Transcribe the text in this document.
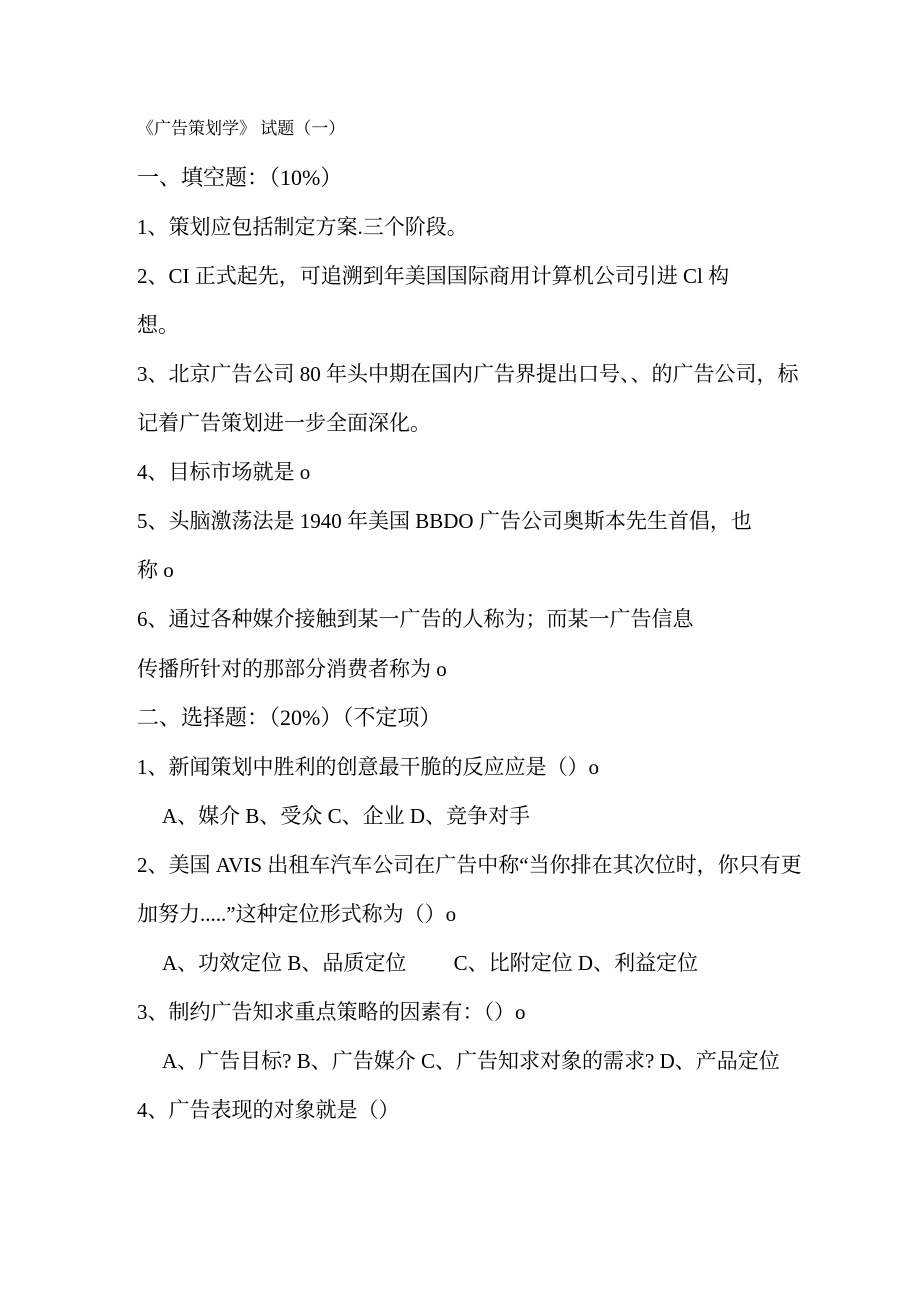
《广告策划学》 试题（一）
一、填空题：（10%）
1、策划应包括制定方案.三个阶段。
2、CI 正式起先，可追溯到年美国国际商用计算机公司引进 Cl 构
想。
3、北京广告公司 80 年头中期在国内广告界提出口号、、的广告公司，标
记着广告策划进一步全面深化。
4、目标市场就是 o
5、头脑激荡法是 1940 年美国 BBDO 广告公司奥斯本先生首倡，也
称 o
6、通过各种媒介接触到某一广告的人称为；而某一广告信息
传播所针对的那部分消费者称为 o
二、选择题：（20%）（不定项）
1、新闻策划中胜利的创意最干脆的反应应是（）o
A、媒介 B、受众 C、企业 D、竞争对手
2、美国 AVIS 出租车汽车公司在广告中称“当你排在其次位时，你只有更
加努力.....”这种定位形式称为（）o
A、功效定位 B、品质定位　　 C、比附定位 D、利益定位
3、制约广告知求重点策略的因素有：（）o
A、广告目标? B、广告媒介 C、广告知求对象的需求? D、产品定位
4、广告表现的对象就是（）
